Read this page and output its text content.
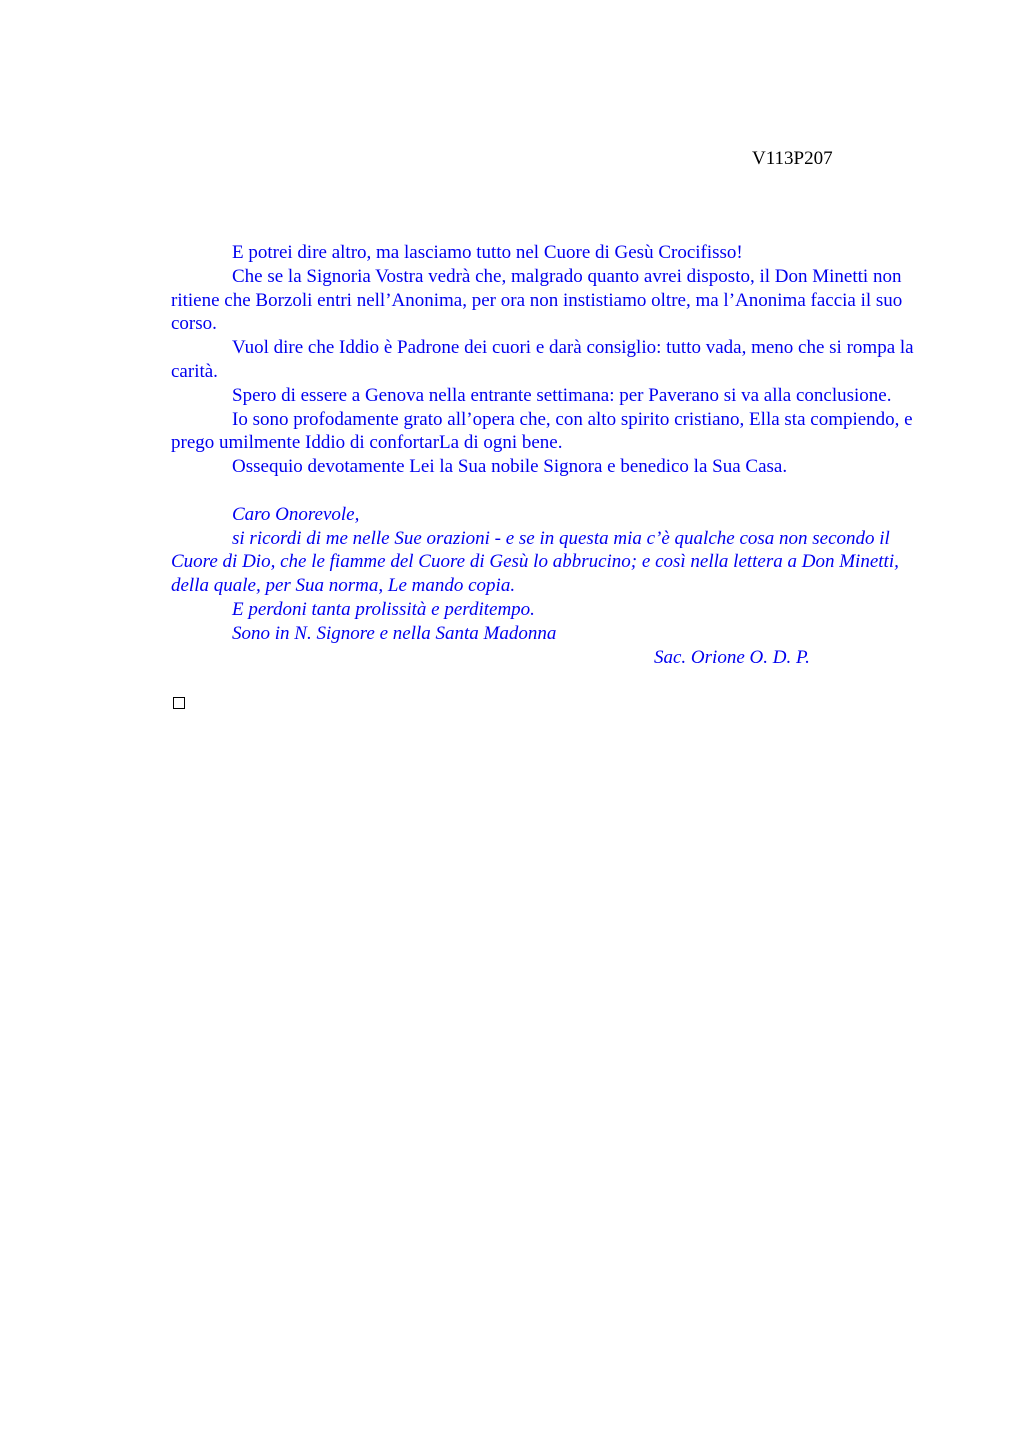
V113P207

E potrei dire altro, ma lasciamo tutto nel Cuore di Gesù Crocifisso!

Che se la Signoria Vostra vedrà che, malgrado quanto avrei disposto, il Don Minetti non ritiene che Borzoli entri nell’Anonima, per ora non instistiamo oltre, ma l’Anonima faccia il suo corso.

Vuol dire che Iddio è Padrone dei cuori e darà consiglio: tutto vada, meno che si rompa la carità.

Spero di essere a Genova nella entrante settimana: per Paverano si va alla conclusione.

Io sono profodamente grato all’opera che, con alto spirito cristiano, Ella sta compiendo, e prego umilmente Iddio di confortarLa di ogni bene.

Ossequio devotamente Lei la Sua nobile Signora e benedico la Sua Casa.

Caro Onorevole,

si ricordi di me nelle Sue orazioni - e se in questa mia c’è qualche cosa non secondo il Cuore di Dio, che le fiamme del Cuore di Gesù lo abbrucino; e così nella lettera a Don Minetti, della quale, per Sua norma, Le mando copia.

E perdoni tanta prolissità e perditempo.

Sono in N. Signore e nella Santa Madonna

Sac. Orione O. D. P.
